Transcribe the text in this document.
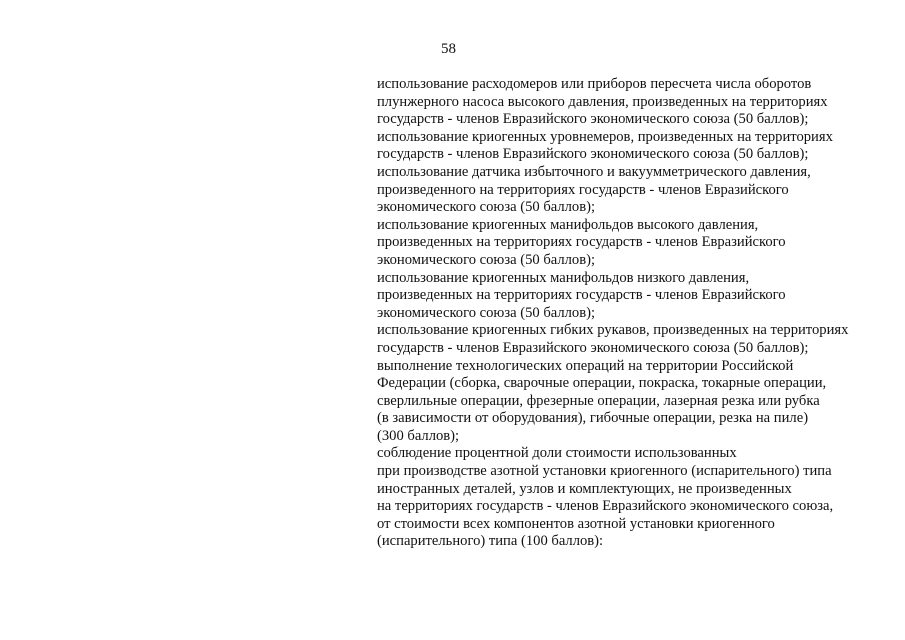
58
использование расходомеров или приборов пересчета числа оборотов
плунжерного насоса высокого давления, произведенных на территориях
государств - членов Евразийского экономического союза (50 баллов);
использование криогенных уровнемеров, произведенных на территориях
государств - членов Евразийского экономического союза (50 баллов);
использование датчика избыточного и вакуумметрического давления,
произведенного на территориях государств - членов Евразийского
экономического союза (50 баллов);
использование криогенных манифольдов высокого давления,
произведенных на территориях государств - членов Евразийского
экономического союза (50 баллов);
использование криогенных манифольдов низкого давления,
произведенных на территориях государств - членов Евразийского
экономического союза (50 баллов);
использование криогенных гибких рукавов, произведенных на территориях
государств - членов Евразийского экономического союза (50 баллов);
выполнение технологических операций на территории Российской
Федерации (сборка, сварочные операции, покраска, токарные операции,
сверлильные операции, фрезерные операции, лазерная резка или рубка
(в зависимости от оборудования), гибочные операции, резка на пиле)
(300 баллов);
соблюдение процентной доли стоимости использованных
при производстве азотной установки криогенного (испарительного) типа
иностранных деталей, узлов и комплектующих, не произведенных
на территориях государств - членов Евразийского экономического союза,
от стоимости всех компонентов азотной установки криогенного
(испарительного) типа (100 баллов):
